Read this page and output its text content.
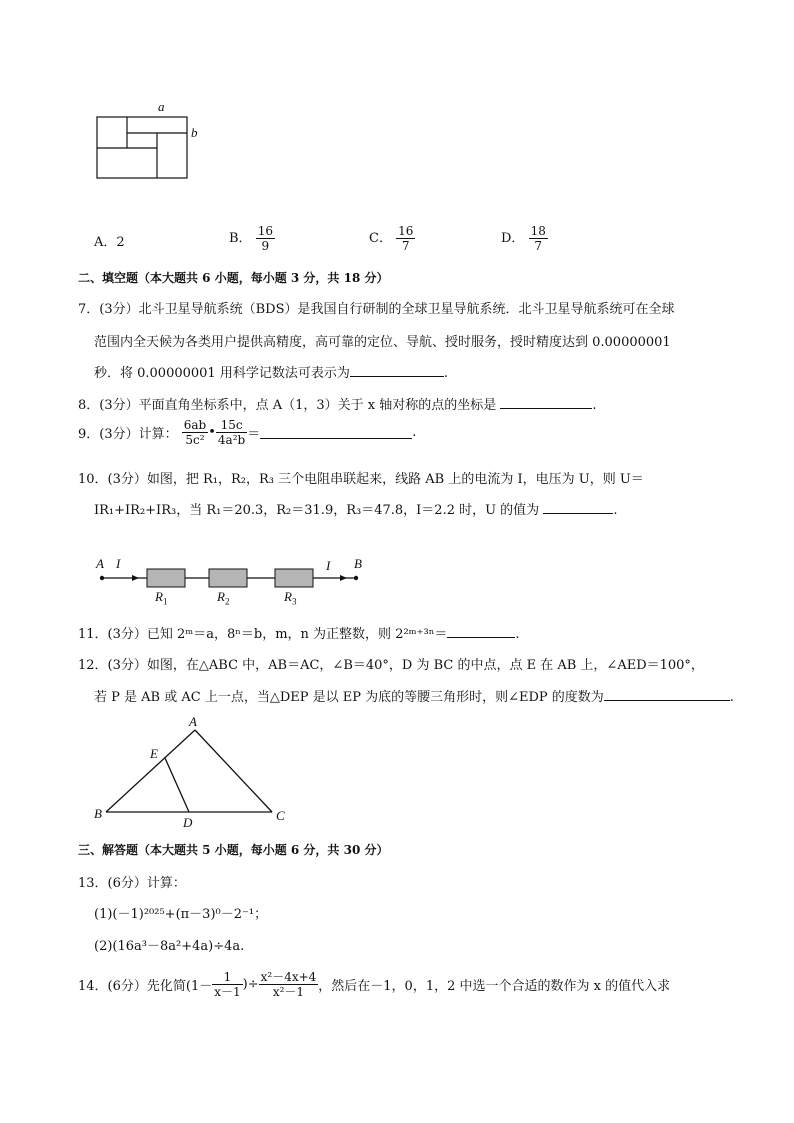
a
b
A．2	B． $\frac{16}{9}$	C． $\frac{16}{7}$	D． $\frac{18}{7}$
二、填空题（本大题共 6 小题，每小题 3 分，共 18 分）
7．(3分）北斗卫星导航系统（BDS）是我国自行研制的全球卫星导航系统．北斗卫星导航系统可在全球
范围内全天候为各类用户提供高精度，高可靠的定位、导航、授时服务，授时精度达到 0.00000001
秒．将 0.00000001 用科学记数法可表示为	.
8．(3分）平面直角坐标系中，点 A（1，3）关于 x 轴对称的点的坐标是	.
9．(3分）计算： $\frac{6ab}{\text{5c²}}$ • $\frac{15c}{\text{4a²b}}$ ＝	.
10．(3分）如图，把 R₁，R₂，R₃ 三个电阻串联起来，线路 AB 上的电流为 I，电压为 U，则 U＝
IR₁+IR₂+IR₃，当 R₁＝20.3，R₂＝31.9，R₃＝47.8，I＝2.2 时，U 的值为	.
A I	I B
$R_1$	$R_2$	$R_3$
11．(3分）已知 2ᵐ＝a，8ⁿ＝b，m，n 为正整数，则 2²ᵐ⁺³ⁿ＝	.
12．(3分）如图，在△ABC 中，AB＝AC，∠B＝40°，D 为 BC 的中点，点 E 在 AB 上，∠AED＝100°，
若 P 是 AB 或 AC 上一点，当△DEP 是以 EP 为底的等腰三角形时，则∠EDP 的度数为	.
A
E
B
D	C
三、解答题（本大题共 5 小题，每小题 6 分，共 30 分）
13．(6分）计算：
(1)(－1)²⁰²⁵+(π－3)⁰－2⁻¹；
(2)(16a³－8a²+4a)÷4a.
14．(6分）先化简($1- \frac{1}{x-1}$ )÷ $\frac{\text{x²－4x+4}}{\text{x²－1}}$ ，然后在－1，0，1，2 中选一个合适的数作为 x 的值代入求
